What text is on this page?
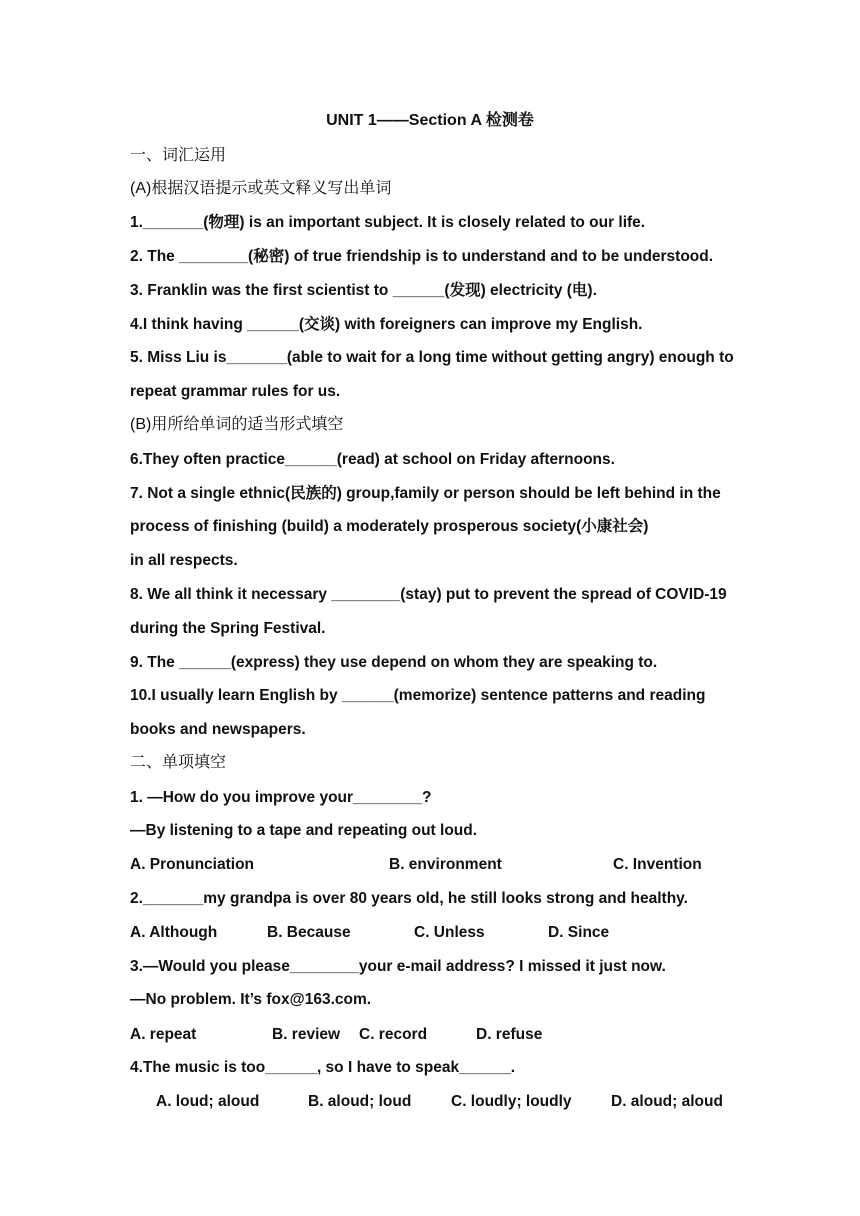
UNIT 1——Section A 检测卷
一、词汇运用
(A)根据汉语提示或英文释义写出单词
1._______(物理) is an important subject. It is closely related to our life.
2. The ________(秘密) of true friendship is to understand and to be understood.
3. Franklin was the first scientist to ______(发现) electricity (电).
4.I think having ______(交谈) with foreigners can improve my English.
5. Miss Liu is_______(able to wait for a long time without getting angry) enough to
repeat grammar rules for us.
(B)用所给单词的适当形式填空
6.They often practice______(read) at school on Friday afternoons.
7. Not a single ethnic(民族的) group,family or person should be left behind in the
process of finishing (build) a moderately prosperous society(小康社会)
in all respects.
8. We all think it necessary ________(stay) put to prevent the spread of COVID-19
during the Spring Festival.
9. The ______(express) they use depend on whom they are speaking to.
10.I usually learn English by ______(memorize) sentence patterns and reading
books and newspapers.
二、单项填空
1. —How do you improve your________?
—By listening to a tape and repeating out loud.
A. Pronunciation	B. environment	C. Invention
2._______my grandpa is over 80 years old, he still looks strong and healthy.
A. Although	B. Because	C. Unless	D. Since
3.—Would you please________your e-mail address? I missed it just now.
—No problem. It’s fox@163.com.
A. repeat	B. review C. record	D. refuse
4.The music is too______, so I have to speak______.
A. loud; aloud	B. aloud; loud	C. loudly; loudly	D. aloud; aloud
